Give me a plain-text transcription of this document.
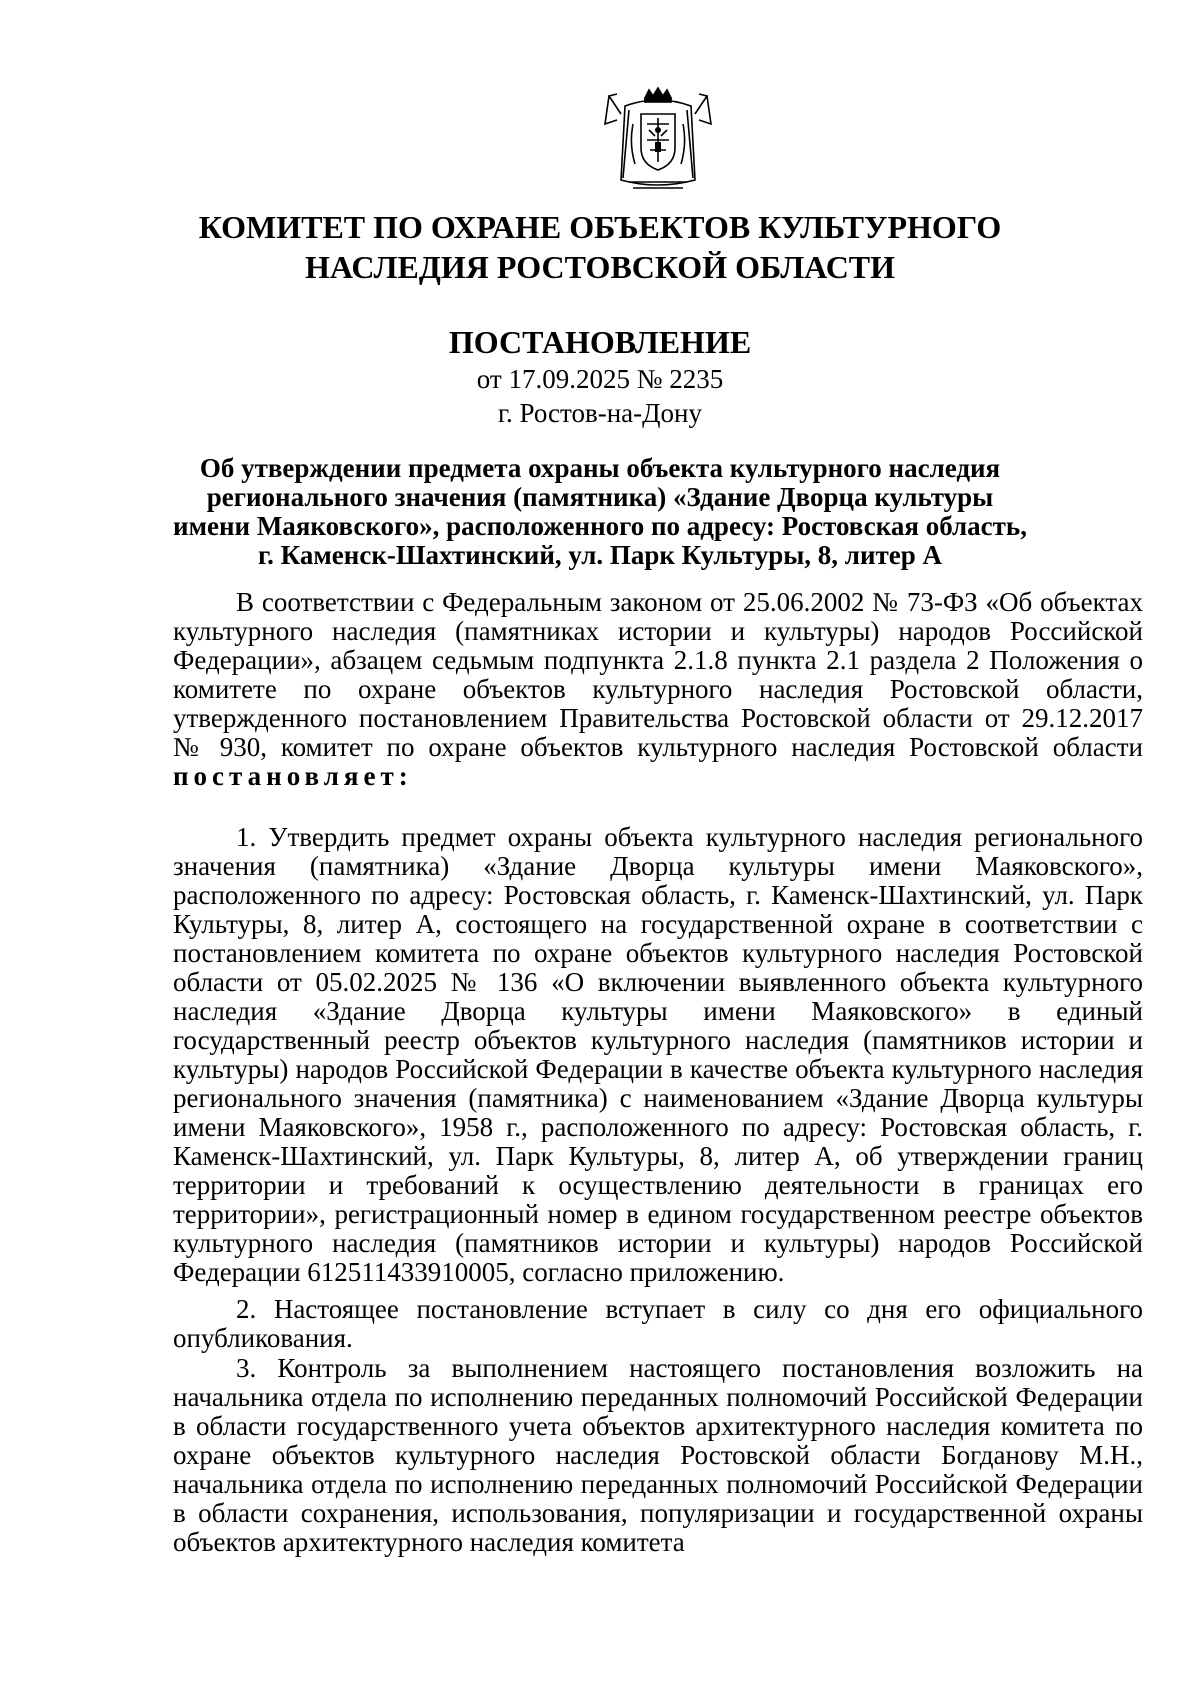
КОМИТЕТ ПО ОХРАНЕ ОБЪЕКТОВ КУЛЬТУРНОГО
НАСЛЕДИЯ РОСТОВСКОЙ ОБЛАСТИ
ПОСТАНОВЛЕНИЕ
от 17.09.2025 № 2235
г. Ростов-на-Дону
Об утверждении предмета охраны объекта культурного наследия
регионального значения (памятника) «Здание Дворца культуры
имени Маяковского», расположенного по адресу: Ростовская область,
г. Каменск-Шахтинский, ул. Парк Культуры, 8, литер А

В соответствии с Федеральным законом от 25.06.2002 № 73-ФЗ «Об объектах культурного наследия (памятниках истории и культуры) народов Российской Федерации», абзацем седьмым подпункта 2.1.8 пункта 2.1 раздела 2 Положения о комитете по охране объектов культурного наследия Ростовской области, утвержденного постановлением Правительства Ростовской области от 29.12.2017 № 930, комитет по охране объектов культурного наследия Ростовской области постановляет:

1. Утвердить предмет охраны объекта культурного наследия регионального значения (памятника) «Здание Дворца культуры имени Маяковского», расположенного по адресу: Ростовская область, г. Каменск-Шахтинский, ул. Парк Культуры, 8, литер А, состоящего на государственной охране в соответствии с постановлением комитета по охране объектов культурного наследия Ростовской области от 05.02.2025 № 136 «О включении выявленного объекта культурного наследия «Здание Дворца культуры имени Маяковского» в единый государственный реестр объектов культурного наследия (памятников истории и культуры) народов Российской Федерации в качестве объекта культурного наследия регионального значения (памятника) с наименованием «Здание Дворца культуры имени Маяковского», 1958 г., расположенного по адресу: Ростовская область, г. Каменск-Шахтинский, ул. Парк Культуры, 8, литер А, об утверждении границ территории и требований к осуществлению деятельности в границах его территории», регистрационный номер в едином государственном реестре объектов культурного наследия (памятников истории и культуры) народов Российской Федерации 612511433910005, согласно приложению.

2. Настоящее постановление вступает в силу со дня его официального опубликования.

3. Контроль за выполнением настоящего постановления возложить на начальника отдела по исполнению переданных полномочий Российской Федерации в области государственного учета объектов архитектурного наследия комитета по охране объектов культурного наследия Ростовской области Богданову М.Н., начальника отдела по исполнению переданных полномочий Российской Федерации в области сохранения, использования, популяризации и государственной охраны объектов архитектурного наследия комитета
